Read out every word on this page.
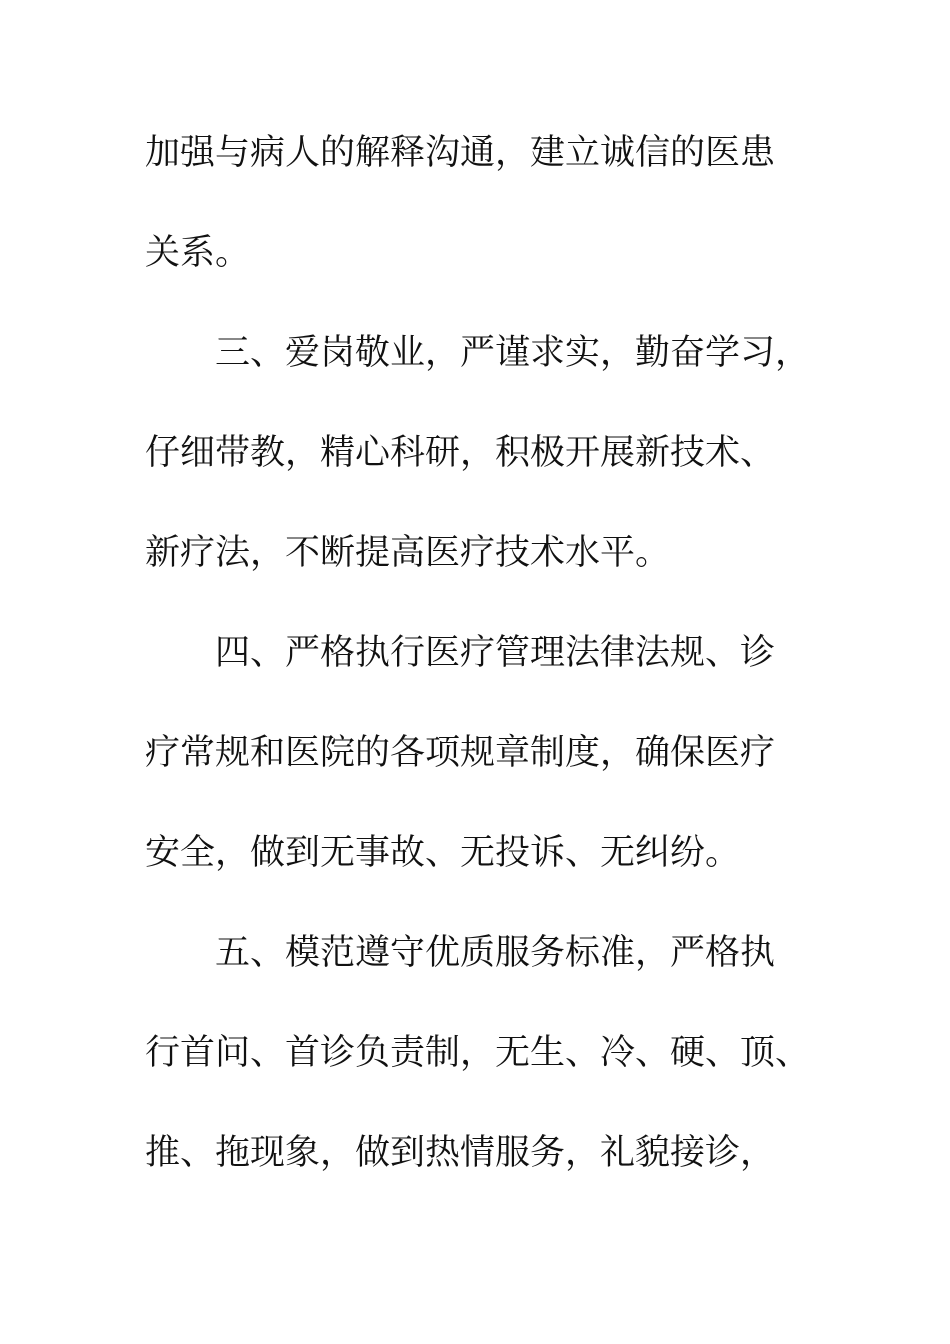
加强与病人的解释沟通，建立诚信的医患

关系。

三、爱岗敬业，严谨求实，勤奋学习，

仔细带教，精心科研，积极开展新技术、

新疗法，不断提高医疗技术水平。

四、严格执行医疗管理法律法规、诊

疗常规和医院的各项规章制度，确保医疗

安全，做到无事故、无投诉、无纠纷。

五、模范遵守优质服务标准，严格执

行首问、首诊负责制，无生、冷、硬、顶、

推、拖现象，做到热情服务，礼貌接诊，
